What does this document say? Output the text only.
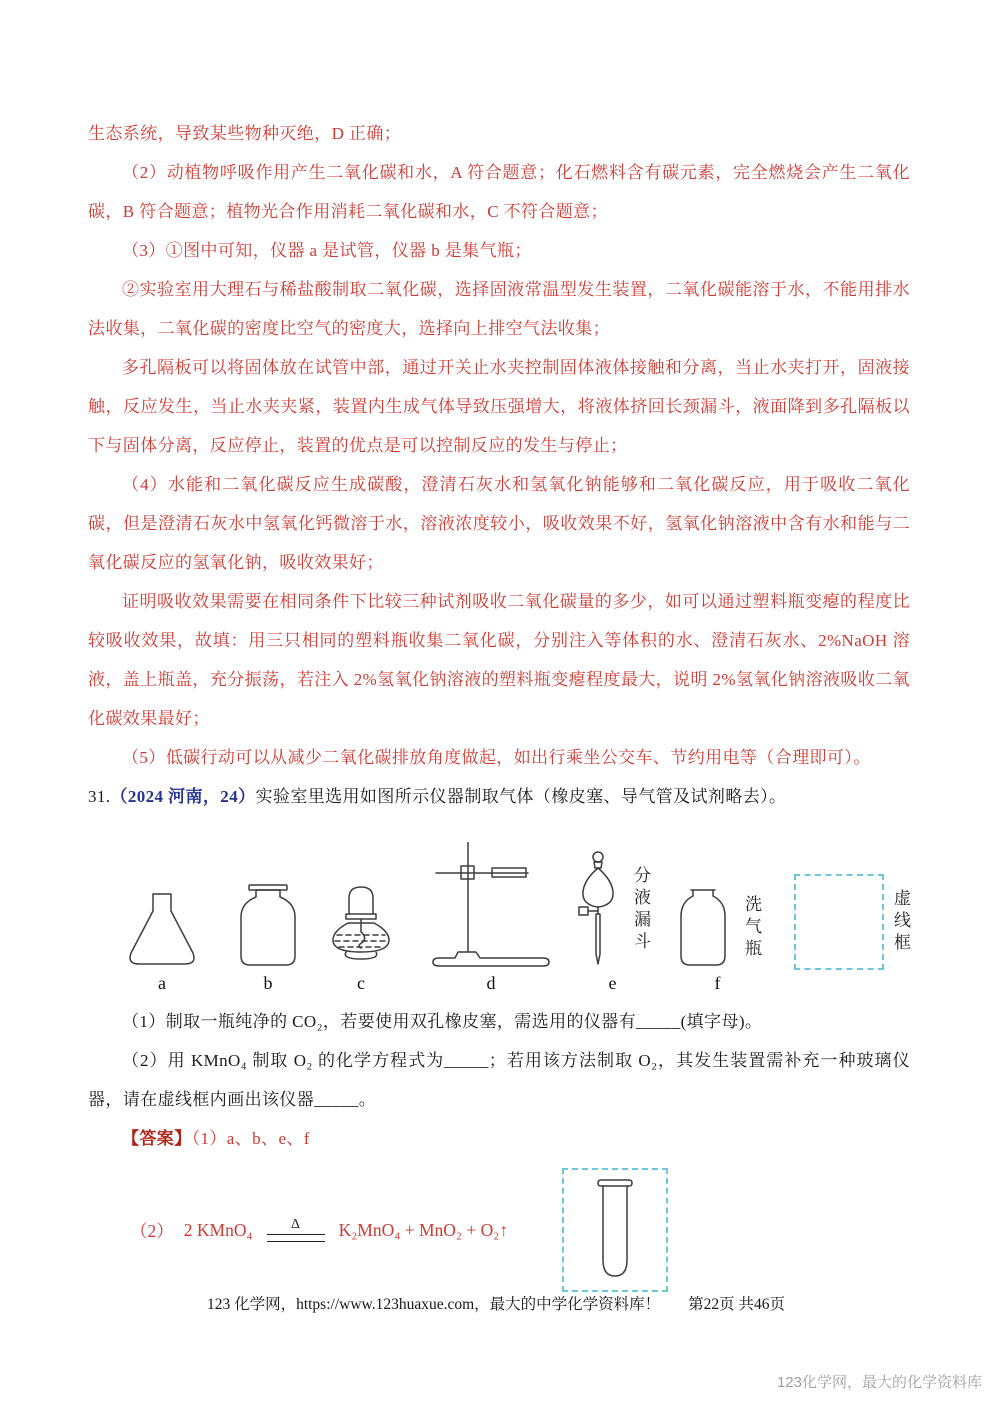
生态系统，导致某些物种灭绝，D 正确；

（2）动植物呼吸作用产生二氧化碳和水，A 符合题意；化石燃料含有碳元素，完全燃烧会产生二氧化碳，B 符合题意；植物光合作用消耗二氧化碳和水，C 不符合题意；

（3）①图中可知，仪器 a 是试管，仪器 b 是集气瓶；

②实验室用大理石与稀盐酸制取二氧化碳，选择固液常温型发生装置，二氧化碳能溶于水，不能用排水法收集，二氧化碳的密度比空气的密度大，选择向上排空气法收集；

多孔隔板可以将固体放在试管中部，通过开关止水夹控制固体液体接触和分离，当止水夹打开，固液接触，反应发生，当止水夹夹紧，装置内生成气体导致压强增大，将液体挤回长颈漏斗，液面降到多孔隔板以下与固体分离，反应停止，装置的优点是可以控制反应的发生与停止；

（4）水能和二氧化碳反应生成碳酸，澄清石灰水和氢氧化钠能够和二氧化碳反应，用于吸收二氧化碳，但是澄清石灰水中氢氧化钙微溶于水，溶液浓度较小，吸收效果不好，氢氧化钠溶液中含有水和能与二氧化碳反应的氢氧化钠，吸收效果好；

证明吸收效果需要在相同条件下比较三种试剂吸收二氧化碳量的多少，如可以通过塑料瓶变瘪的程度比较吸收效果，故填：用三只相同的塑料瓶收集二氧化碳，分别注入等体积的水、澄清石灰水、2%NaOH 溶液，盖上瓶盖，充分振荡，若注入 2%氢氧化钠溶液的塑料瓶变瘪程度最大，说明 2%氢氧化钠溶液吸收二氧化碳效果最好；

（5）低碳行动可以从减少二氧化碳排放角度做起，如出行乘坐公交车、节约用电等（合理即可）。

31.（2024 河南，24）实验室里选用如图所示仪器制取气体（橡皮塞、导气管及试剂略去）。

a	b	c	d
分液漏斗
e
洗气瓶
f
虚线框

（1）制取一瓶纯净的 CO₂，若要使用双孔橡皮塞，需选用的仪器有_____(填字母)。

（2）用 KMnO₄ 制取 O₂ 的化学方程式为_____；若用该方法制取 O₂，其发生装置需补充一种玻璃仪器，请在虚线框内画出该仪器_____。

【答案】（1）a、b、e、f

（2） 2 KMnO₄	Δ K₂MnO₄ + MnO₂ + O₂↑
123 化学网，https://www.123huaxue.com，最大的中学化学资料库！ 第22页 共46页
123化学网，最大的化学资料库
